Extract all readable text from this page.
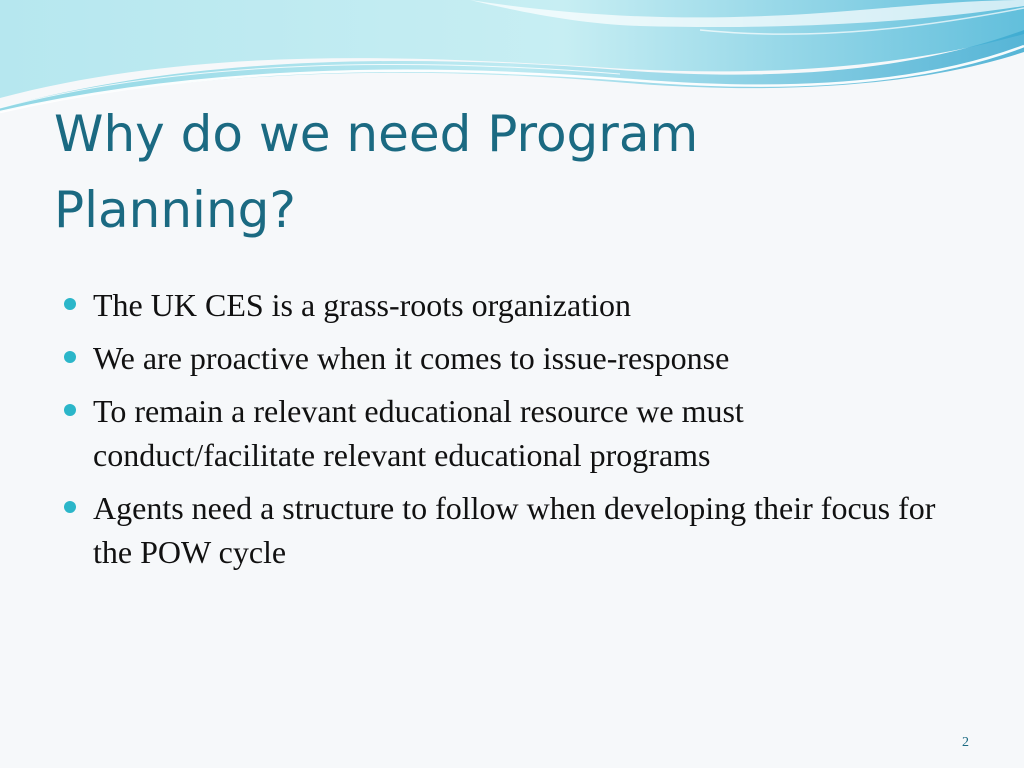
Why do we need Program Planning?
The UK CES is a grass-roots organization
We are proactive when it comes to issue-response
To remain a relevant educational resource we must conduct/facilitate relevant educational programs
Agents need a structure to follow when developing their focus for the POW cycle
2
